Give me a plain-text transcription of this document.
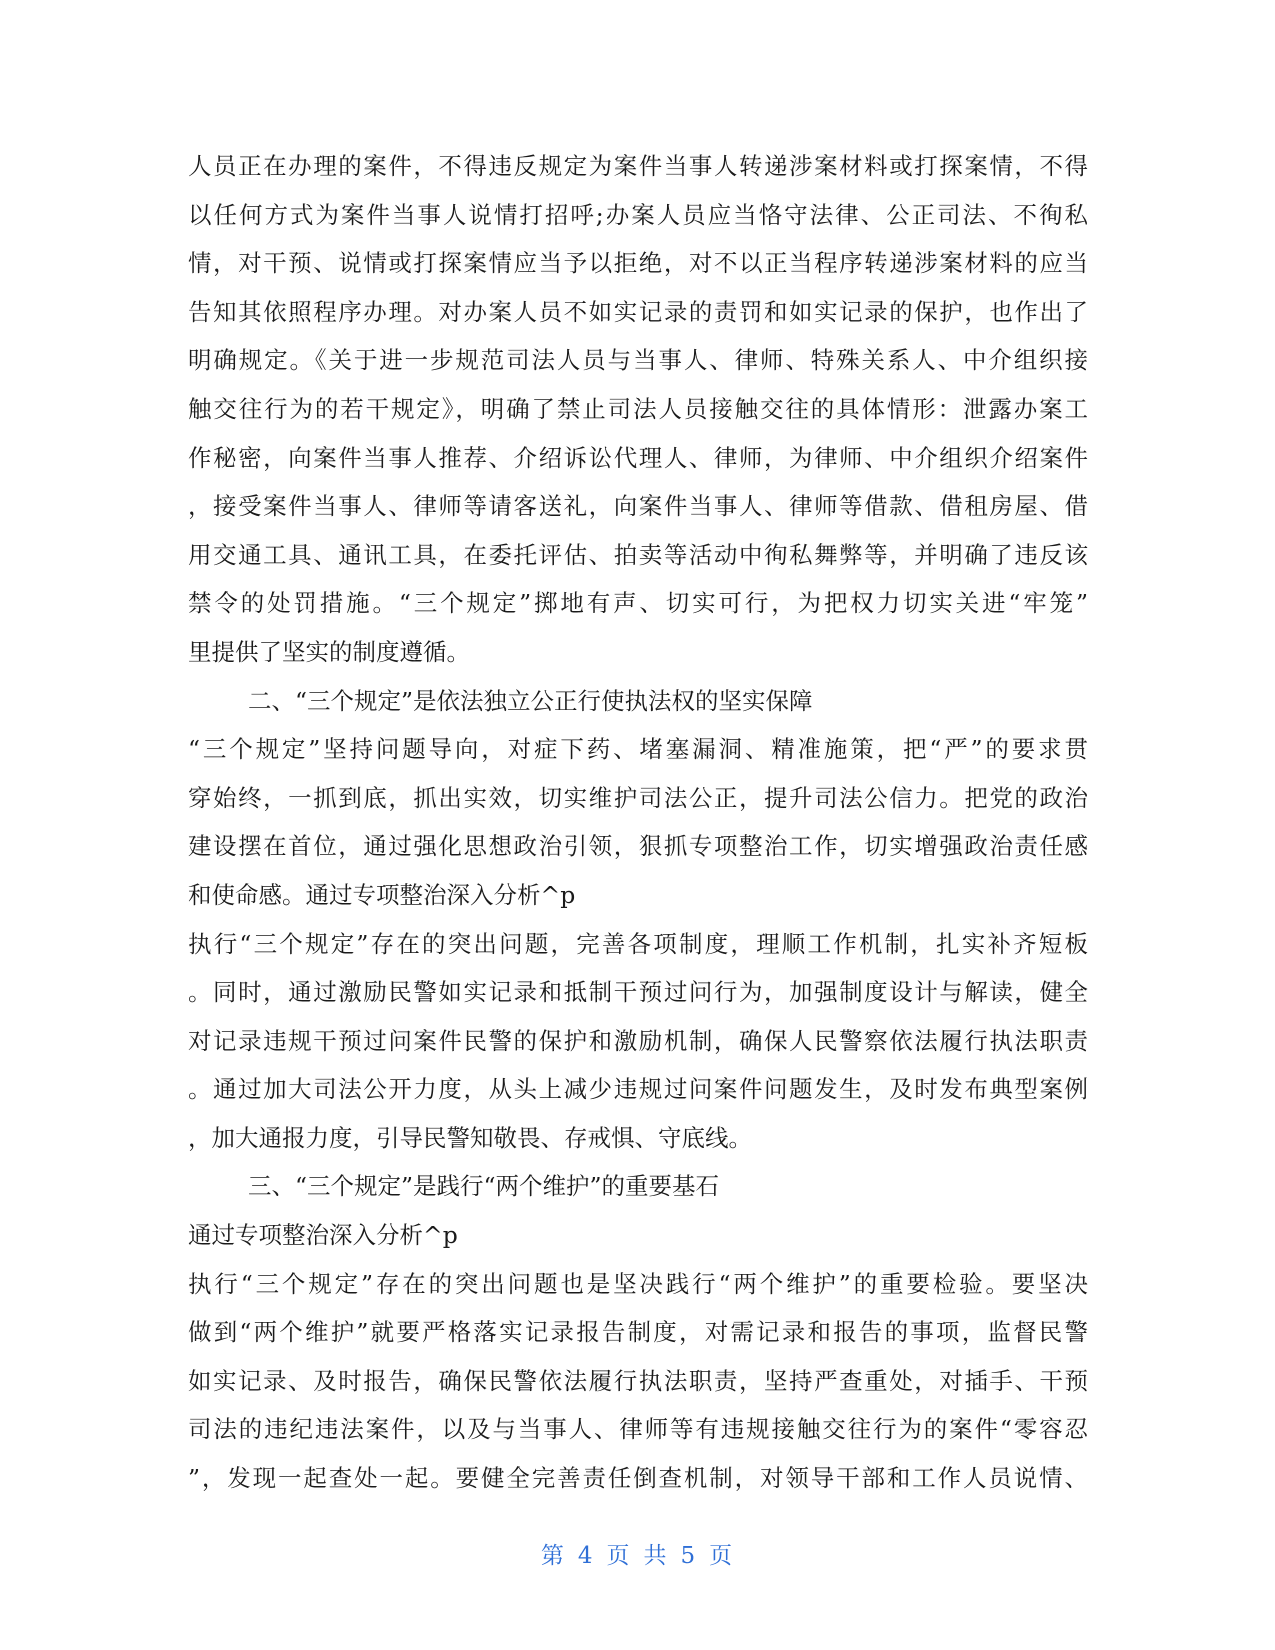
人员正在办理的案件，不得违反规定为案件当事人转递涉案材料或打探案情，不得
以任何方式为案件当事人说情打招呼;办案人员应当恪守法律、公正司法、不徇私
情，对干预、说情或打探案情应当予以拒绝，对不以正当程序转递涉案材料的应当
告知其依照程序办理。对办案人员不如实记录的责罚和如实记录的保护，也作出了
明确规定。《关于进一步规范司法人员与当事人、律师、特殊关系人、中介组织接
触交往行为的若干规定》，明确了禁止司法人员接触交往的具体情形：泄露办案工
作秘密，向案件当事人推荐、介绍诉讼代理人、律师，为律师、中介组织介绍案件
，接受案件当事人、律师等请客送礼，向案件当事人、律师等借款、借租房屋、借
用交通工具、通讯工具，在委托评估、拍卖等活动中徇私舞弊等，并明确了违反该
禁令的处罚措施。“三个规定”掷地有声、切实可行，为把权力切实关进“牢笼”
里提供了坚实的制度遵循。
二、“三个规定”是依法独立公正行使执法权的坚实保障
“三个规定”坚持问题导向，对症下药、堵塞漏洞、精准施策，把“严”的要求贯
穿始终，一抓到底，抓出实效，切实维护司法公正，提升司法公信力。把党的政治
建设摆在首位，通过强化思想政治引领，狠抓专项整治工作，切实增强政治责任感
和使命感。通过专项整治深入分析^p
执行“三个规定”存在的突出问题，完善各项制度，理顺工作机制，扎实补齐短板
。同时，通过激励民警如实记录和抵制干预过问行为，加强制度设计与解读，健全
对记录违规干预过问案件民警的保护和激励机制，确保人民警察依法履行执法职责
。通过加大司法公开力度，从头上减少违规过问案件问题发生，及时发布典型案例
，加大通报力度，引导民警知敬畏、存戒惧、守底线。
三、“三个规定”是践行“两个维护”的重要基石
通过专项整治深入分析^p
执行“三个规定”存在的突出问题也是坚决践行“两个维护”的重要检验。要坚决
做到“两个维护”就要严格落实记录报告制度，对需记录和报告的事项，监督民警
如实记录、及时报告，确保民警依法履行执法职责，坚持严查重处，对插手、干预
司法的违纪违法案件，以及与当事人、律师等有违规接触交往行为的案件“零容忍
”，发现一起查处一起。要健全完善责任倒查机制，对领导干部和工作人员说情、
第 4 页 共 5 页
